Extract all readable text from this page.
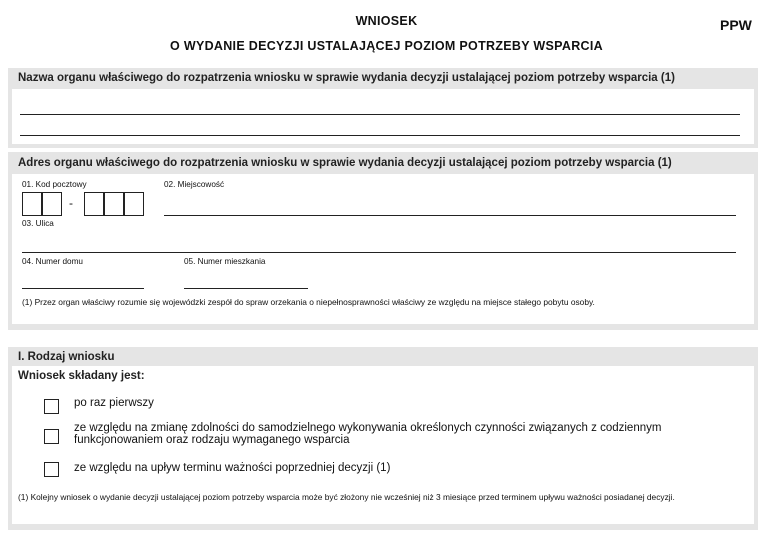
WNIOSEK
O WYDANIE DECYZJI USTALAJĄCEJ POZIOM POTRZEBY WSPARCIA
PPW
Nazwa organu właściwego do rozpatrzenia wniosku w sprawie wydania decyzji ustalającej poziom potrzeby wsparcia (1)
Adres organu właściwego do rozpatrzenia wniosku w sprawie wydania decyzji ustalającej poziom potrzeby wsparcia (1)
01. Kod pocztowy
-
02. Miejscowość
03. Ulica
04. Numer domu	05. Numer mieszkania
(1) Przez organ właściwy rozumie się wojewódzki zespół do spraw orzekania o niepełnosprawności właściwy ze względu na miejsce stałego pobytu osoby.
I. Rodzaj wniosku
Wniosek składany jest:
po raz pierwszy
ze względu na zmianę zdolności do samodzielnego wykonywania określonych czynności związanych z codziennym funkcjonowaniem oraz rodzaju wymaganego wsparcia
ze względu na upływ terminu ważności poprzedniej decyzji (1)
(1) Kolejny wniosek o wydanie decyzji ustalającej poziom potrzeby wsparcia może być złożony nie wcześniej niż 3 miesiące przed terminem upływu ważności posiadanej decyzji.
